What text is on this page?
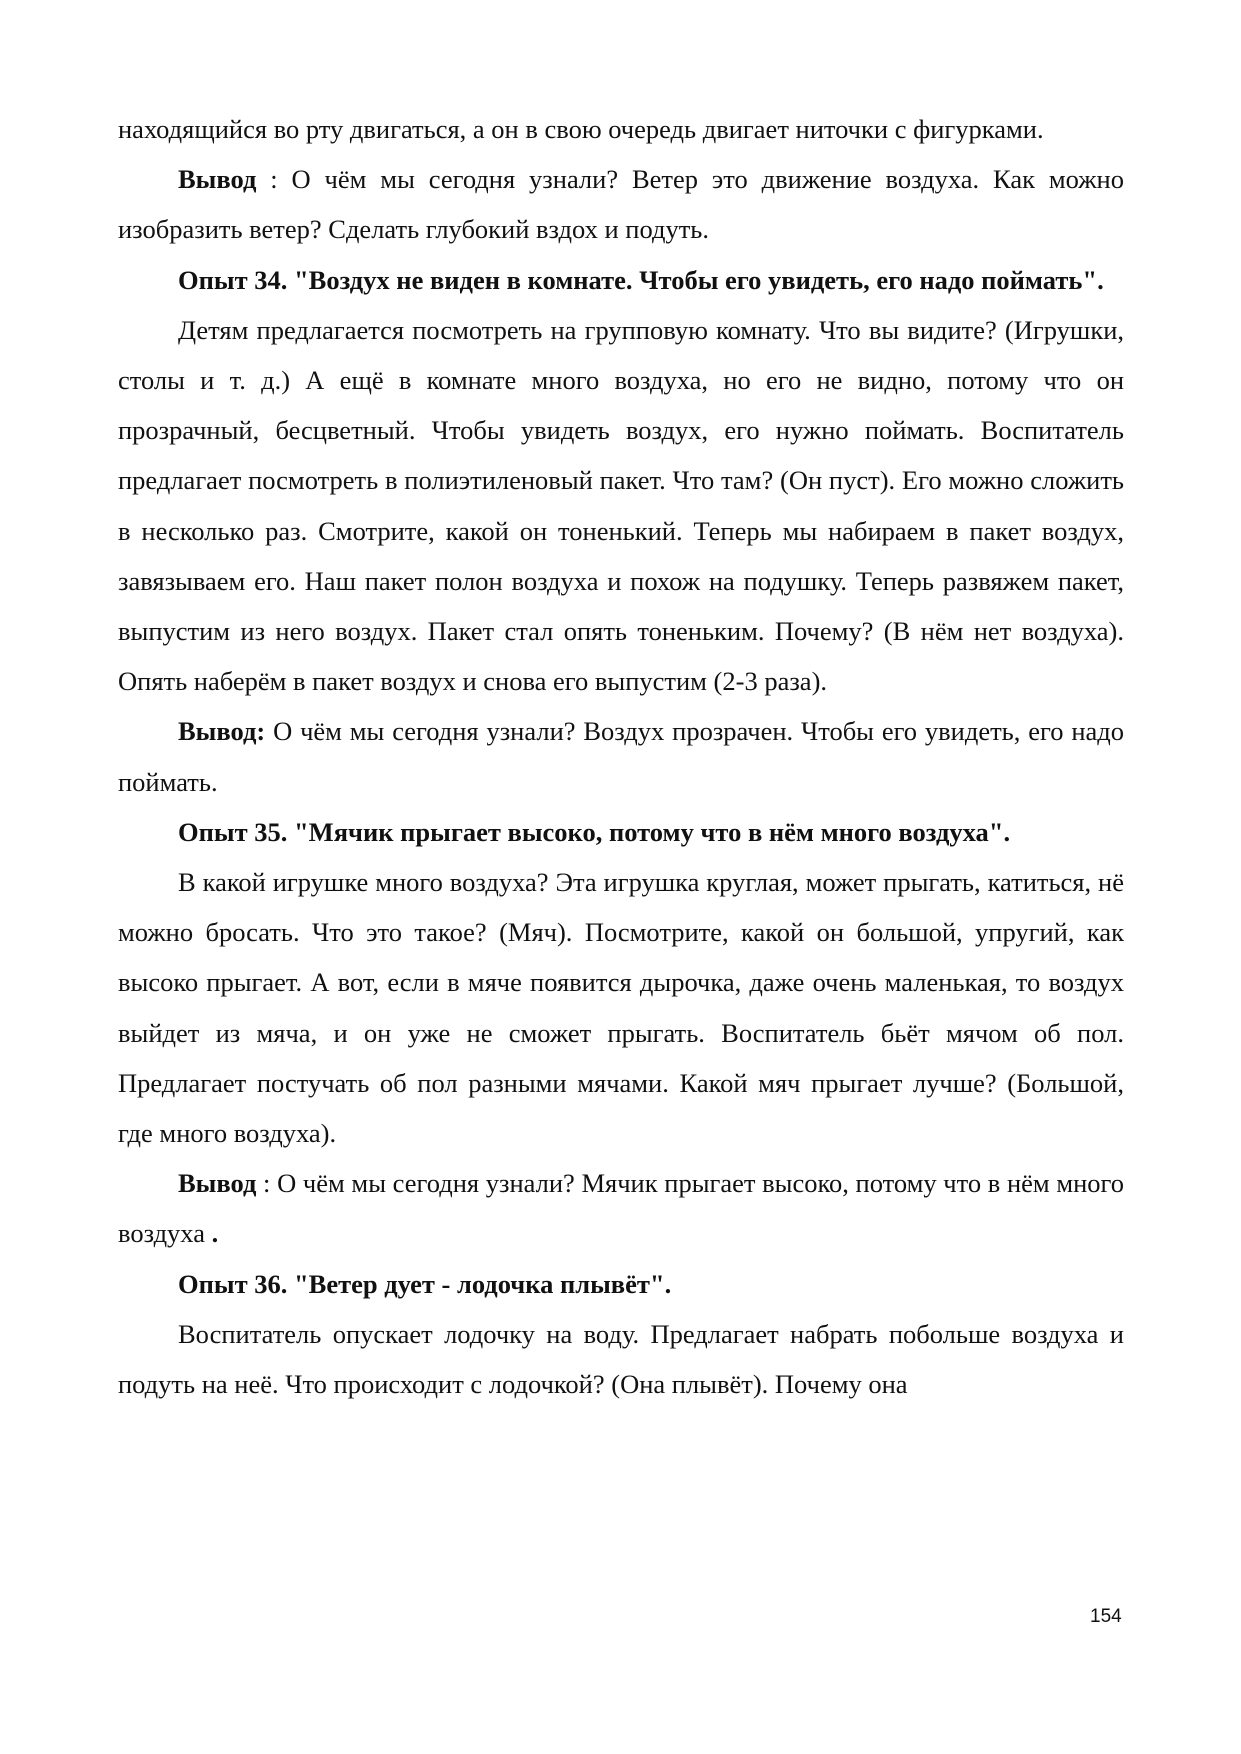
находящийся во рту двигаться, а он в свою очередь двигает ниточки с фигурками.

Вывод : О чём мы сегодня узнали? Ветер это движение воздуха. Как можно изобразить ветер? Сделать глубокий вздох и подуть.

Опыт 34. "Воздух не виден в комнате. Чтобы его увидеть, его надо поймать".

Детям предлагается посмотреть на групповую комнату. Что вы видите? (Игрушки, столы и т. д.) А ещё в комнате много воздуха, но его не видно, потому что он прозрачный, бесцветный. Чтобы увидеть воздух, его нужно поймать. Воспитатель предлагает посмотреть в полиэтиленовый пакет. Что там? (Он пуст). Его можно сложить в несколько раз. Смотрите, какой он тоненький. Теперь мы набираем в пакет воздух, завязываем его. Наш пакет полон воздуха и похож на подушку. Теперь развяжем пакет, выпустим из него воздух. Пакет стал опять тоненьким. Почему? (В нём нет воздуха). Опять наберём в пакет воздух и снова его выпустим (2-3 раза).

Вывод: О чём мы сегодня узнали? Воздух прозрачен. Чтобы его увидеть, его надо поймать.

Опыт 35. "Мячик прыгает высоко, потому что в нём много воздуха".

В какой игрушке много воздуха? Эта игрушка круглая, может прыгать, катиться, нё можно бросать. Что это такое? (Мяч). Посмотрите, какой он большой, упругий, как высоко прыгает. А вот, если в мяче появится дырочка, даже очень маленькая, то воздух выйдет из мяча, и он уже не сможет прыгать. Воспитатель бьёт мячом об пол. Предлагает постучать об пол разными мячами. Какой мяч прыгает лучше? (Большой, где много воздуха).

Вывод : О чём мы сегодня узнали? Мячик прыгает высоко, потому что в нём много воздуха .

Опыт 36. "Ветер дует - лодочка плывёт".

Воспитатель опускает лодочку на воду. Предлагает набрать побольше воздуха и подуть на неё. Что происходит с лодочкой? (Она плывёт). Почему она

154
